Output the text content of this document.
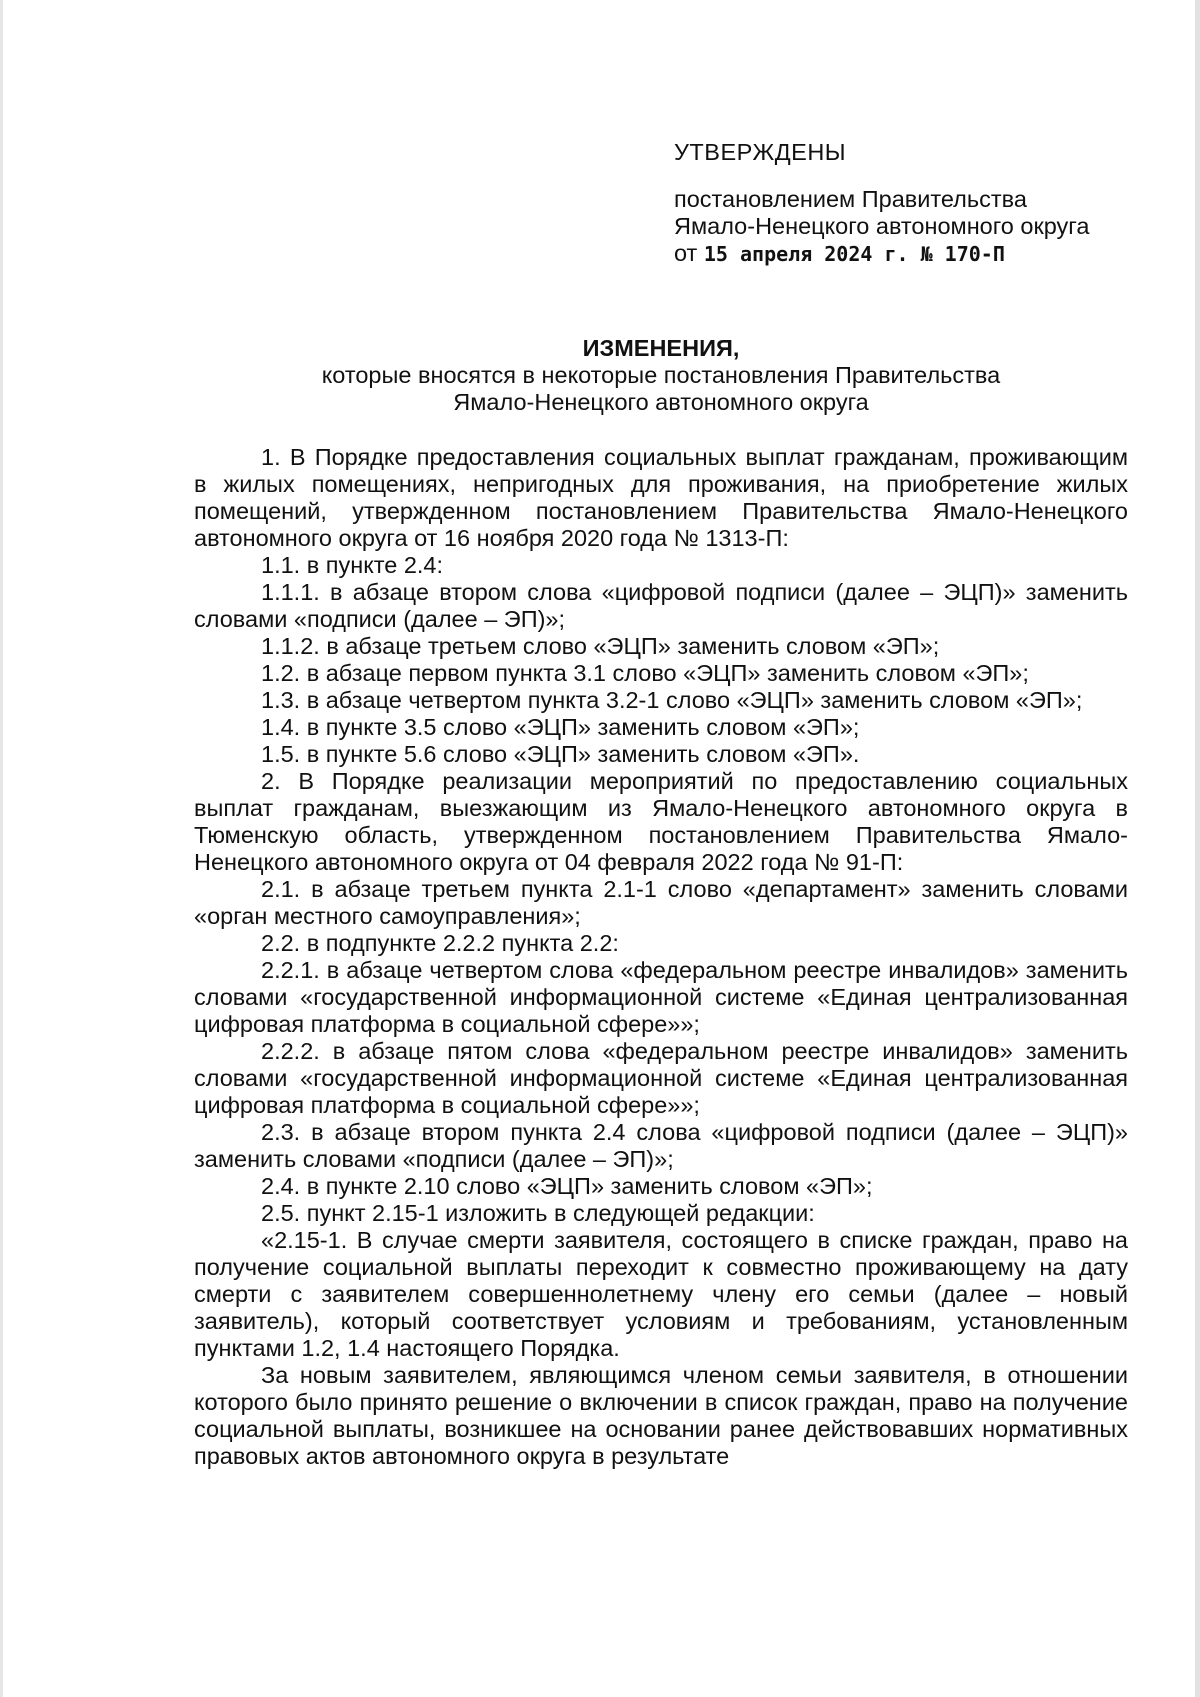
УТВЕРЖДЕНЫ
постановлением Правительства
Ямало-Ненецкого автономного округа
от 15 апреля 2024 г. № 170-П
ИЗМЕНЕНИЯ,
которые вносятся в некоторые постановления Правительства
Ямало-Ненецкого автономного округа

1. В Порядке предоставления социальных выплат гражданам, проживающим в жилых помещениях, непригодных для проживания, на приобретение жилых помещений, утвержденном постановлением Правительства Ямало-Ненецкого автономного округа от 16 ноября 2020 года № 1313-П:

1.1. в пункте 2.4:

1.1.1. в абзаце втором слова «цифровой подписи (далее – ЭЦП)» заменить словами «подписи (далее – ЭП)»;

1.1.2. в абзаце третьем слово «ЭЦП» заменить словом «ЭП»;

1.2. в абзаце первом пункта 3.1 слово «ЭЦП» заменить словом «ЭП»;

1.3. в абзаце четвертом пункта 3.2-1 слово «ЭЦП» заменить словом «ЭП»;

1.4. в пункте 3.5 слово «ЭЦП» заменить словом «ЭП»;

1.5. в пункте 5.6 слово «ЭЦП» заменить словом «ЭП».

2. В Порядке реализации мероприятий по предоставлению социальных выплат гражданам, выезжающим из Ямало-Ненецкого автономного округа в Тюменскую область, утвержденном постановлением Правительства Ямало-Ненецкого автономного округа от 04 февраля 2022 года № 91-П:

2.1. в абзаце третьем пункта 2.1-1 слово «департамент» заменить словами «орган местного самоуправления»;

2.2. в подпункте 2.2.2 пункта 2.2:

2.2.1. в абзаце четвертом слова «федеральном реестре инвалидов» заменить словами «государственной информационной системе «Единая централизованная цифровая платформа в социальной сфере»»;

2.2.2. в абзаце пятом слова «федеральном реестре инвалидов» заменить словами «государственной информационной системе «Единая централизованная цифровая платформа в социальной сфере»»;

2.3. в абзаце втором пункта 2.4 слова «цифровой подписи (далее – ЭЦП)» заменить словами «подписи (далее – ЭП)»;

2.4. в пункте 2.10 слово «ЭЦП» заменить словом «ЭП»;

2.5. пункт 2.15-1 изложить в следующей редакции:

«2.15-1. В случае смерти заявителя, состоящего в списке граждан, право на получение социальной выплаты переходит к совместно проживающему на дату смерти с заявителем совершеннолетнему члену его семьи (далее – новый заявитель), который соответствует условиям и требованиям, установленным пунктами 1.2, 1.4 настоящего Порядка.

За новым заявителем, являющимся членом семьи заявителя, в отношении которого было принято решение о включении в список граждан, право на получение социальной выплаты, возникшее на основании ранее действовавших нормативных правовых актов автономного округа в результате
